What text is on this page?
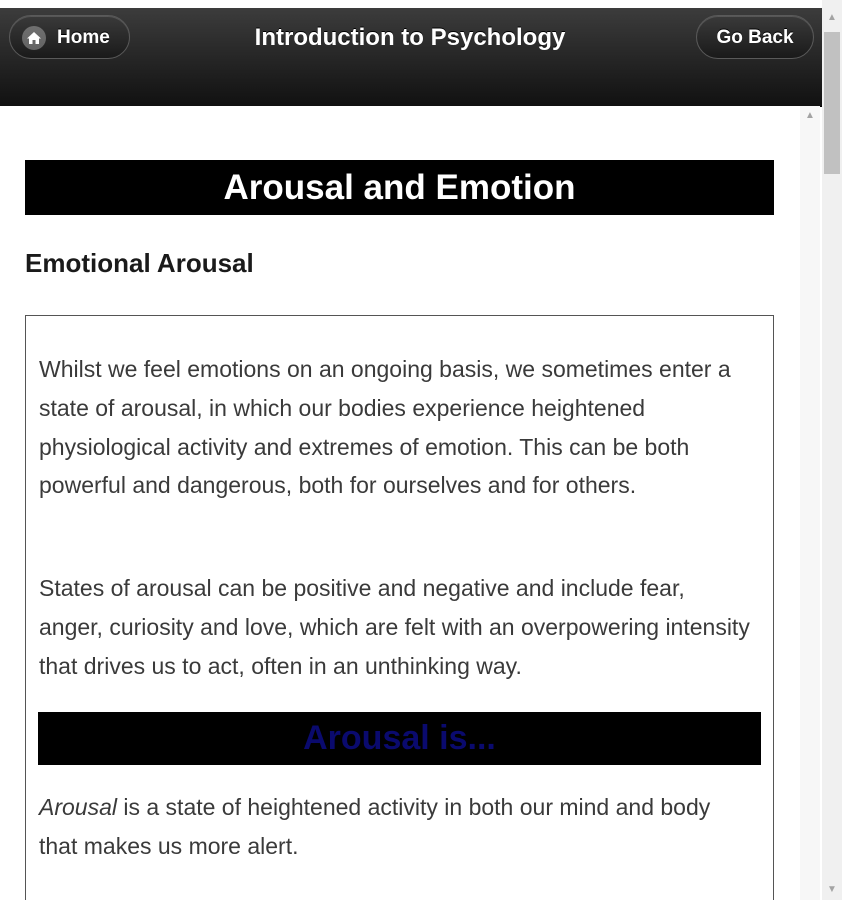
Home	Introduction to Psychology	Go Back
Arousal and Emotion
Emotional Arousal

Whilst we feel emotions on an ongoing basis, we sometimes enter a state of arousal, in which our bodies experience heightened physiological activity and extremes of emotion. This can be both powerful and dangerous, both for ourselves and for others.

States of arousal can be positive and negative and include fear, anger, curiosity and love, which are felt with an overpowering intensity that drives us to act, often in an unthinking way.

Arousal is...

Arousal is a state of heightened activity in both our mind and body that makes us more alert.

▲
▲
▼
